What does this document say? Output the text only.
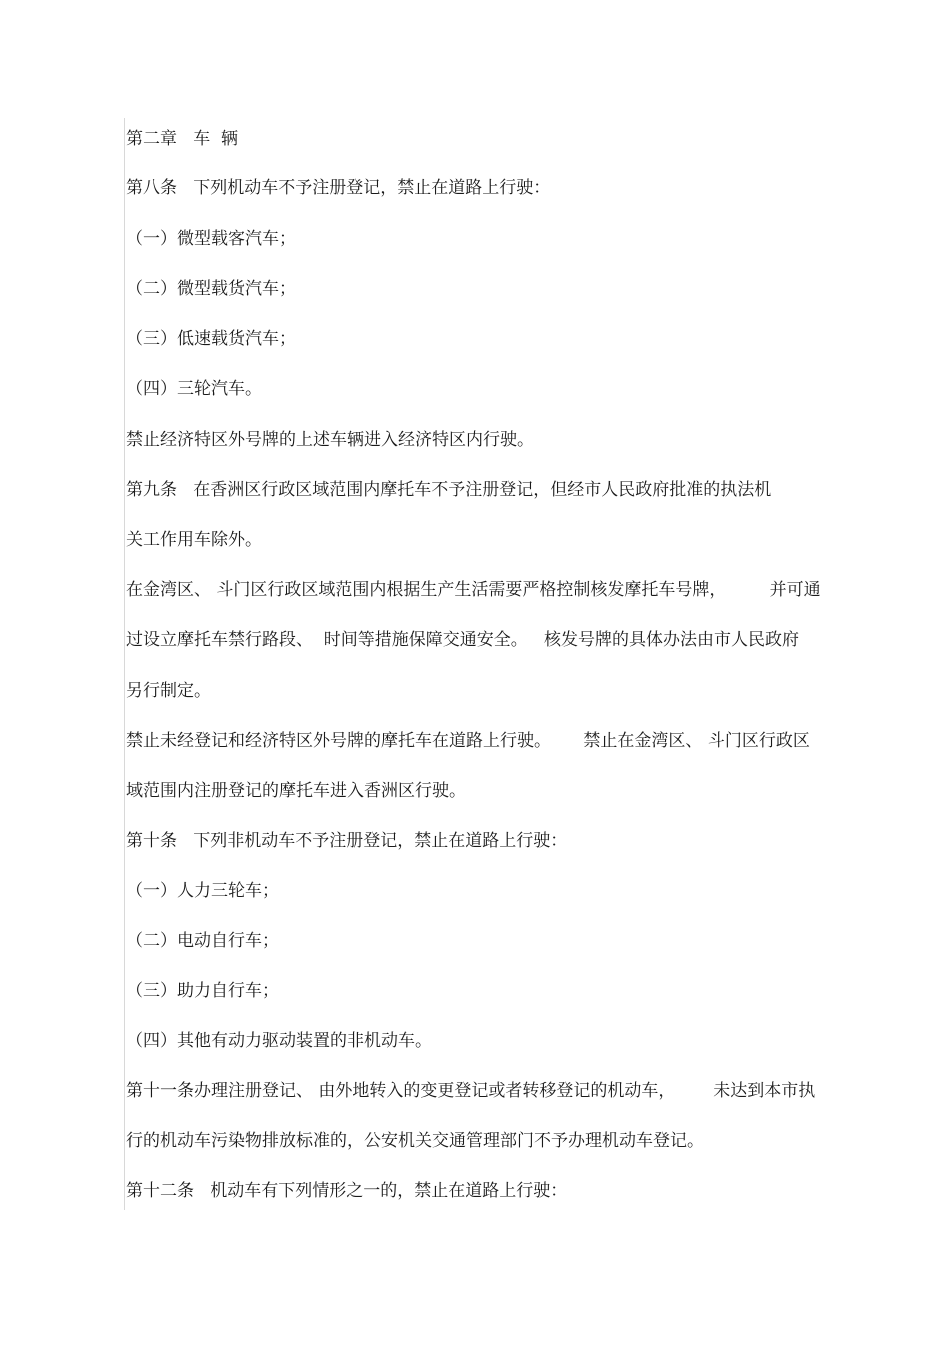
第二章   车  辆
第八条   下列机动车不予注册登记，禁止在道路上行驶：
（一）微型载客汽车；
（二）微型载货汽车；
（三）低速载货汽车；
（四）三轮汽车。
禁止经济特区外号牌的上述车辆进入经济特区内行驶。
第九条   在香洲区行政区域范围内摩托车不予注册登记，但经市人民政府批准的执法机
关工作用车除外。
在金湾区、 斗门区行政区域范围内根据生产生活需要严格控制核发摩托车号牌，        并可通
过设立摩托车禁行路段、  时间等措施保障交通安全。   核发号牌的具体办法由市人民政府
另行制定。
禁止未经登记和经济特区外号牌的摩托车在道路上行驶。      禁止在金湾区、 斗门区行政区
域范围内注册登记的摩托车进入香洲区行驶。
第十条   下列非机动车不予注册登记，禁止在道路上行驶：
（一）人力三轮车；
（二）电动自行车；
（三）助力自行车；
（四）其他有动力驱动装置的非机动车。
第十一条办理注册登记、 由外地转入的变更登记或者转移登记的机动车，       未达到本市执
行的机动车污染物排放标准的，公安机关交通管理部门不予办理机动车登记。
第十二条   机动车有下列情形之一的，禁止在道路上行驶：
